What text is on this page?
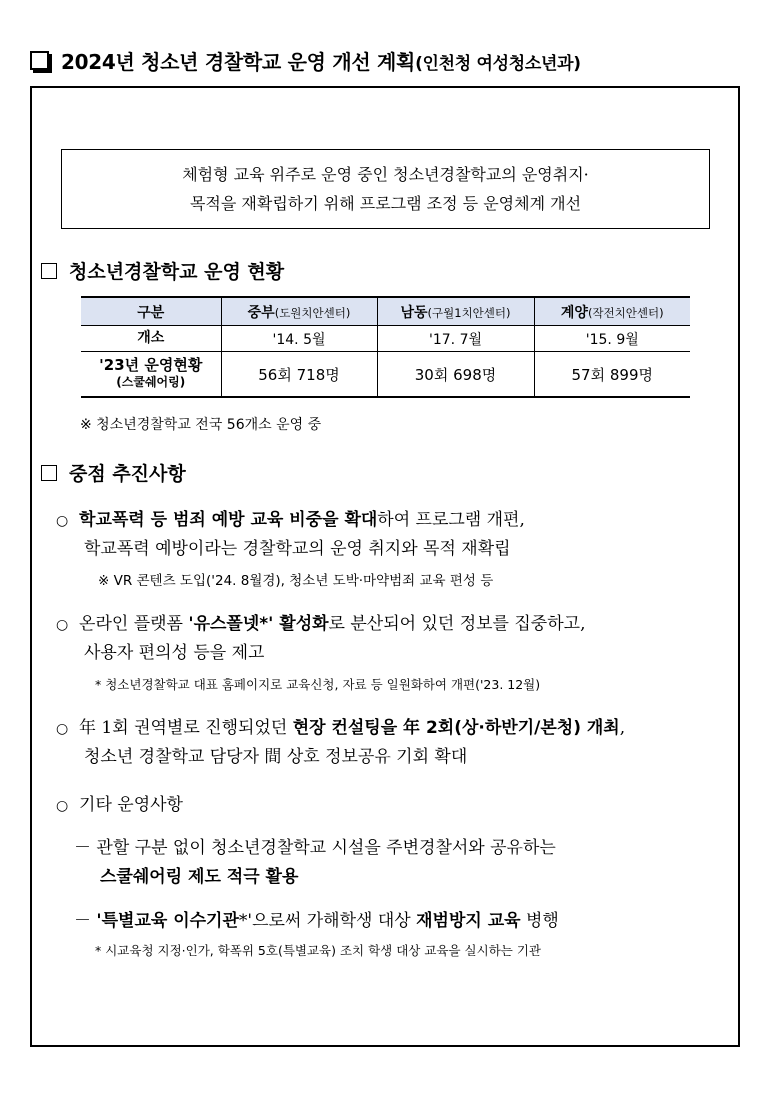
2024년 청소년 경찰학교 운영 개선 계획(인천청 여성청소년과)
체험형 교육 위주로 운영 중인 청소년경찰학교의 운영취지·
목적을 재확립하기 위해 프로그램 조정 등 운영체계 개선
청소년경찰학교 운영 현황
구분	중부(도원치안센터)	남동(구월1치안센터)	계양(작전치안센터)
개소	'14. 5월	'17. 7월	'15. 9월

'23년 운영현황
(스쿨쉐어링)	56회 718명	30회 698명	57회 899명
※ 청소년경찰학교 전국 56개소 운영 중
중점 추진사항
○ 학교폭력 등 범죄 예방 교육 비중을 확대하여 프로그램 개편,
학교폭력 예방이라는 경찰학교의 운영 취지와 목적 재확립
※ VR 콘텐츠 도입('24. 8월경), 청소년 도박·마약범죄 교육 편성 등
○ 온라인 플랫폼 '유스폴넷*' 활성화로 분산되어 있던 정보를 집중하고,
사용자 편의성 등을 제고
* 청소년경찰학교 대표 홈페이지로 교육신청, 자료 등 일원화하여 개편('23. 12월)
○ 年 1회 권역별로 진행되었던 현장 컨설팅을 年 2회(상·하반기/본청) 개최,
청소년 경찰학교 담당자 間 상호 정보공유 기회 확대
○ 기타 운영사항
－ 관할 구분 없이 청소년경찰학교 시설을 주변경찰서와 공유하는
스쿨쉐어링 제도 적극 활용
－ '특별교육 이수기관*'으로써 가해학생 대상 재범방지 교육 병행
* 시교육청 지정·인가, 학폭위 5호(특별교육) 조치 학생 대상 교육을 실시하는 기관
